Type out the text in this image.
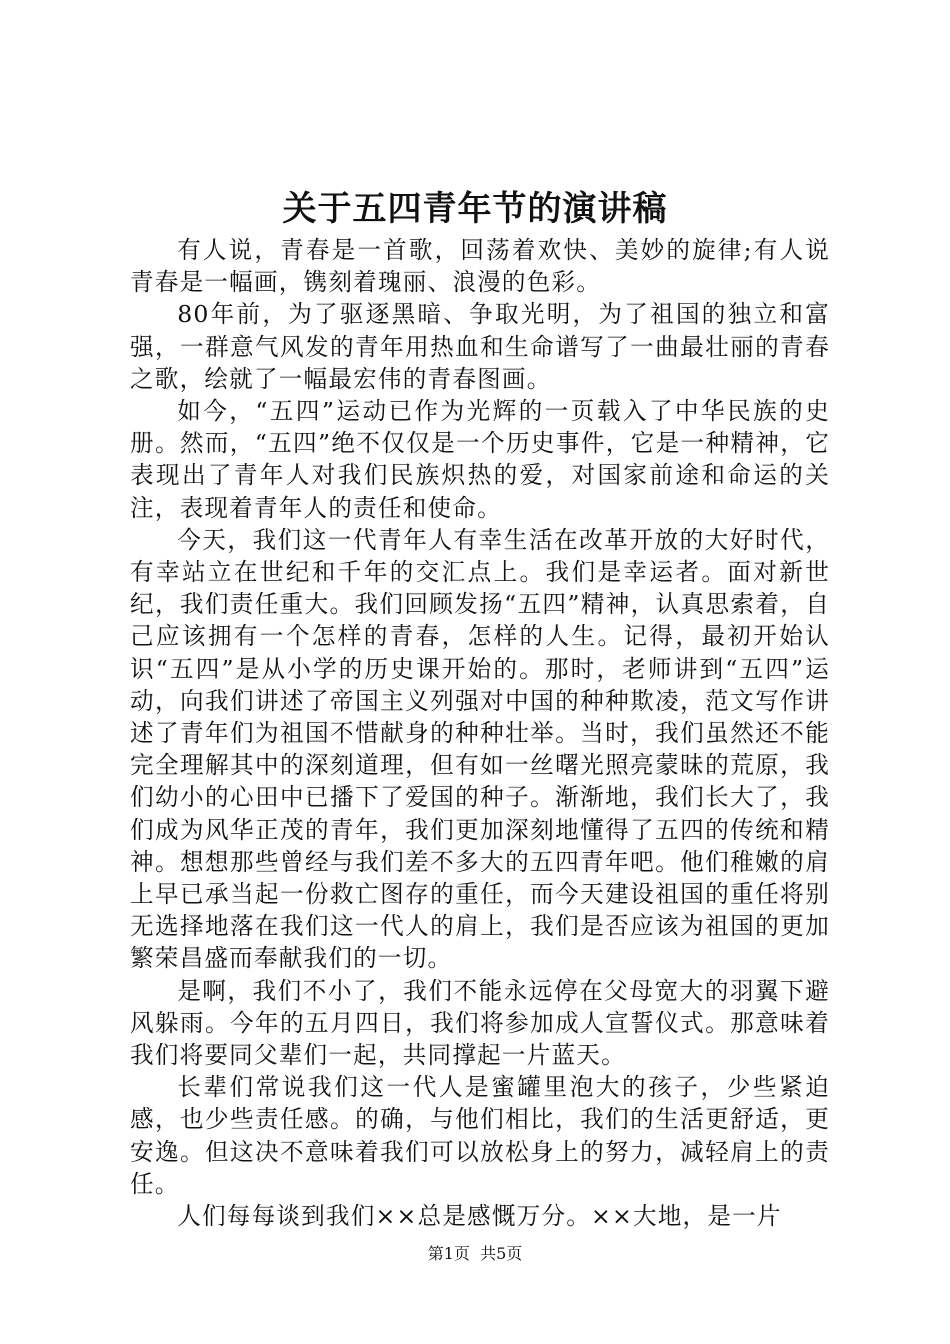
关于五四青年节的演讲稿

有人说，青春是一首歌，回荡着欢快、美妙的旋律;有人说青春是一幅画，镌刻着瑰丽、浪漫的色彩。

80年前，为了驱逐黑暗、争取光明，为了祖国的独立和富强，一群意气风发的青年用热血和生命谱写了一曲最壮丽的青春之歌，绘就了一幅最宏伟的青春图画。

如今，“五四”运动已作为光辉的一页载入了中华民族的史册。然而，“五四”绝不仅仅是一个历史事件，它是一种精神，它表现出了青年人对我们民族炽热的爱，对国家前途和命运的关注，表现着青年人的责任和使命。

今天，我们这一代青年人有幸生活在改革开放的大好时代，有幸站立在世纪和千年的交汇点上。我们是幸运者。面对新世纪，我们责任重大。我们回顾发扬“五四”精神，认真思索着，自己应该拥有一个怎样的青春，怎样的人生。记得，最初开始认识“五四”是从小学的历史课开始的。那时，老师讲到“五四”运动，向我们讲述了帝国主义列强对中国的种种欺凌，范文写作讲述了青年们为祖国不惜献身的种种壮举。当时，我们虽然还不能完全理解其中的深刻道理，但有如一丝曙光照亮蒙昧的荒原，我们幼小的心田中已播下了爱国的种子。渐渐地，我们长大了，我们成为风华正茂的青年，我们更加深刻地懂得了五四的传统和精神。想想那些曾经与我们差不多大的五四青年吧。他们稚嫩的肩上早已承当起一份救亡图存的重任，而今天建设祖国的重任将别无选择地落在我们这一代人的肩上，我们是否应该为祖国的更加繁荣昌盛而奉献我们的一切。

是啊，我们不小了，我们不能永远停在父母宽大的羽翼下避风躲雨。今年的五月四日，我们将参加成人宣誓仪式。那意味着我们将要同父辈们一起，共同撑起一片蓝天。

长辈们常说我们这一代人是蜜罐里泡大的孩子，少些紧迫感，也少些责任感。的确，与他们相比，我们的生活更舒适，更安逸。但这决不意味着我们可以放松身上的努力，减轻肩上的责任。

人们每每谈到我们××总是感慨万分。××大地，是一片

第1页 共5页
